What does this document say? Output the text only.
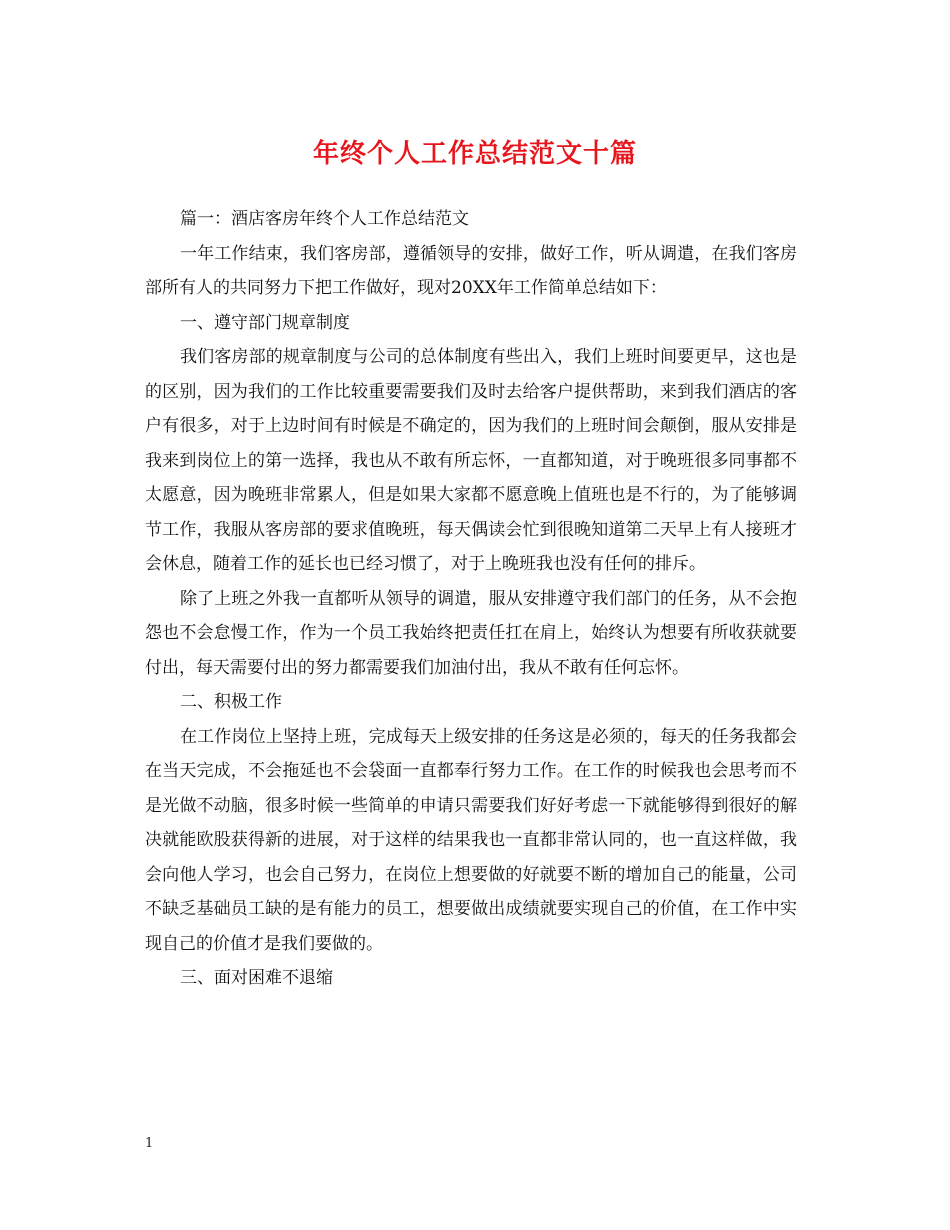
年终个人工作总结范文十篇

篇一：酒店客房年终个人工作总结范文

一年工作结束，我们客房部，遵循领导的安排，做好工作，听从调遣，在我们客房部所有人的共同努力下把工作做好，现对20XX年工作简单总结如下：

一、遵守部门规章制度

我们客房部的规章制度与公司的总体制度有些出入，我们上班时间要更早，这也是的区别，因为我们的工作比较重要需要我们及时去给客户提供帮助，来到我们酒店的客户有很多，对于上边时间有时候是不确定的，因为我们的上班时间会颠倒，服从安排是我来到岗位上的第一选择，我也从不敢有所忘怀，一直都知道，对于晚班很多同事都不太愿意，因为晚班非常累人，但是如果大家都不愿意晚上值班也是不行的，为了能够调节工作，我服从客房部的要求值晚班，每天偶读会忙到很晚知道第二天早上有人接班才会休息，随着工作的延长也已经习惯了，对于上晚班我也没有任何的排斥。

除了上班之外我一直都听从领导的调遣，服从安排遵守我们部门的任务，从不会抱怨也不会怠慢工作，作为一个员工我始终把责任扛在肩上，始终认为想要有所收获就要付出，每天需要付出的努力都需要我们加油付出，我从不敢有任何忘怀。

二、积极工作

在工作岗位上坚持上班，完成每天上级安排的任务这是必须的，每天的任务我都会在当天完成，不会拖延也不会袋面一直都奉行努力工作。在工作的时候我也会思考而不是光做不动脑，很多时候一些简单的申请只需要我们好好考虑一下就能够得到很好的解决就能欧股获得新的进展，对于这样的结果我也一直都非常认同的，也一直这样做，我会向他人学习，也会自己努力，在岗位上想要做的好就要不断的增加自己的能量，公司不缺乏基础员工缺的是有能力的员工，想要做出成绩就要实现自己的价值，在工作中实现自己的价值才是我们要做的。

三、面对困难不退缩

1
